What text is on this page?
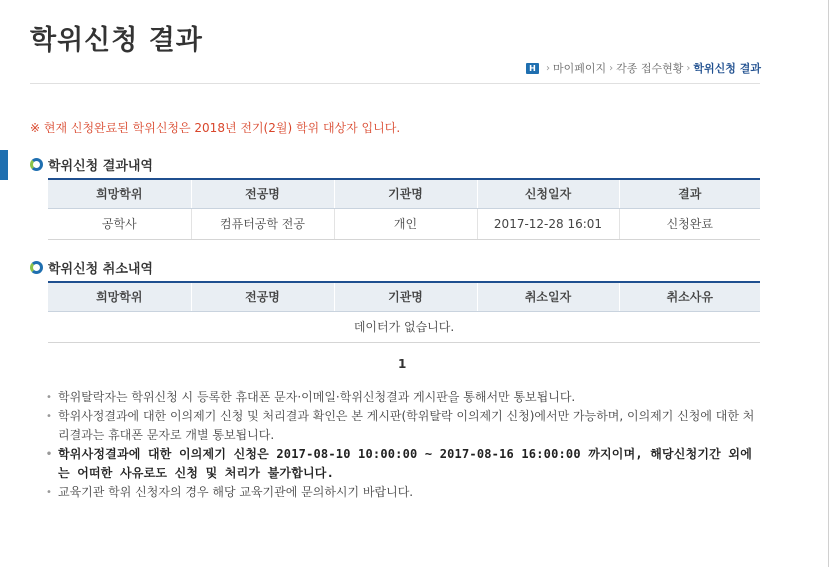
학위신청 결과
H	› 마이페이지 › 각종 접수현황 › 학위신청 결과

※ 현재 신청완료된 학위신청은 2018년 전기(2월) 학위 대상자 입니다.

학위신청 결과내역
희망학위	전공명	기관명	신청일자	결과
공학사	컴퓨터공학 전공	개인	2017-12-28 16:01	신청완료
학위신청 취소내역
희망학위	전공명	기관명	취소일자	취소사유
데이터가 없습니다.
1
• 학위탈락자는 학위신청 시 등록한 휴대폰 문자·이메일·학위신청결과 게시판을 통해서만 통보됩니다.
• 학위사정결과에 대한 이의제기 신청 및 처리결과 확인은 본 게시판(학위탈락 이의제기 신청)에서만 가능하며, 이의제기 신청에 대한 처리결과는 휴대폰 문자로 개별 통보됩니다.
• 학위사정결과에 대한 이의제기 신청은 2017-08-10 10:00:00 ~ 2017-08-16 16:00:00 까지이며, 해당신청기간 외에는 어떠한 사유로도 신청 및 처리가 불가합니다.
• 교육기관 학위 신청자의 경우 해당 교육기관에 문의하시기 바랍니다.
